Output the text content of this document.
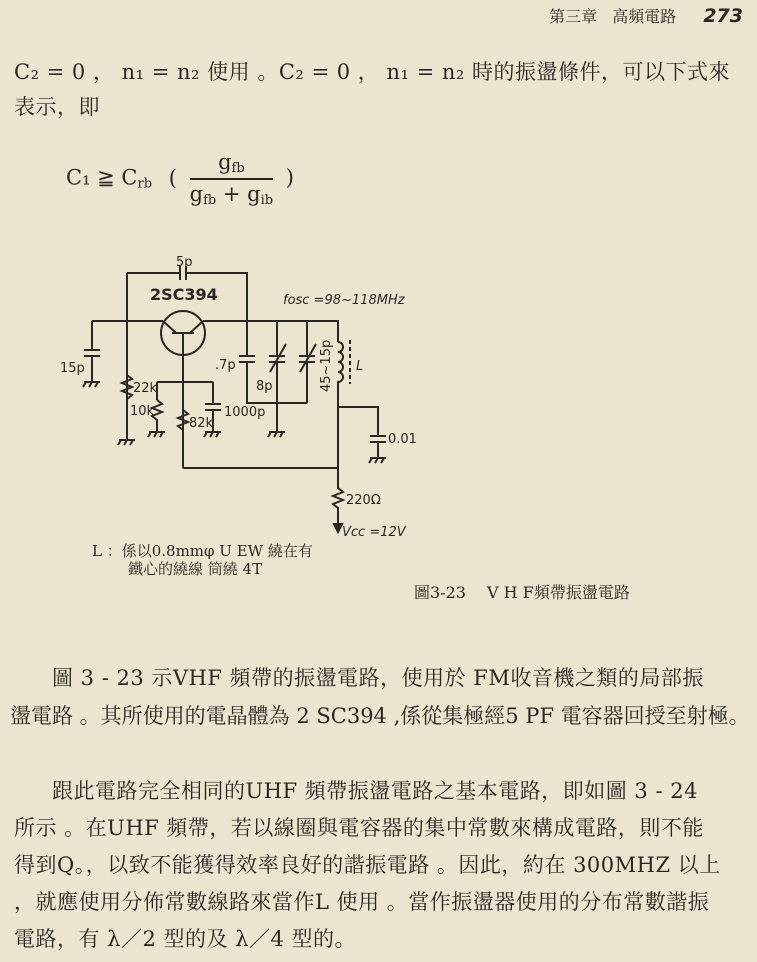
第三章 高頻電路 273
C₂ = 0 ， n₁ = n₂ 使用 。C₂ = 0 ， n₁ = n₂ 時的振盪條件，可以下式來
表示，即
C₁ ≧ $C_{rb}$ ( $\frac{g_{fb}}{g_{fb} + g_{ib}}$ )
5p
2SC394	fosc =98~118MHz
15p
22k
10k
82k
1000p
.7p
8p	45~15p L
0.01
220Ω
Vcc =12V
L ：係以0.8mmφ U EW 繞在有
鐵心的繞線 筒繞 4T
圖3-23　 V H F頻帶振盪電路
圖 3 - 23 示VHF 頻帶的振盪電路，使用於 FM收音機之類的局部振
盪電路 。其所使用的電晶體為 2 SC394 ,係從集極經5 PF 電容器回授至射極。
跟此電路完全相同的UHF 頻帶振盪電路之基本電路，即如圖 3 - 24
所示 。在UHF 頻帶，若以線圈與電容器的集中常數來構成電路，則不能
得到Q。，以致不能獲得效率良好的諧振電路 。因此，約在 300MHZ 以上
，就應使用分佈常數線路來當作L 使用 。當作振盪器使用的分布常數諧振
電路，有 λ／2 型的及 λ／4 型的。
